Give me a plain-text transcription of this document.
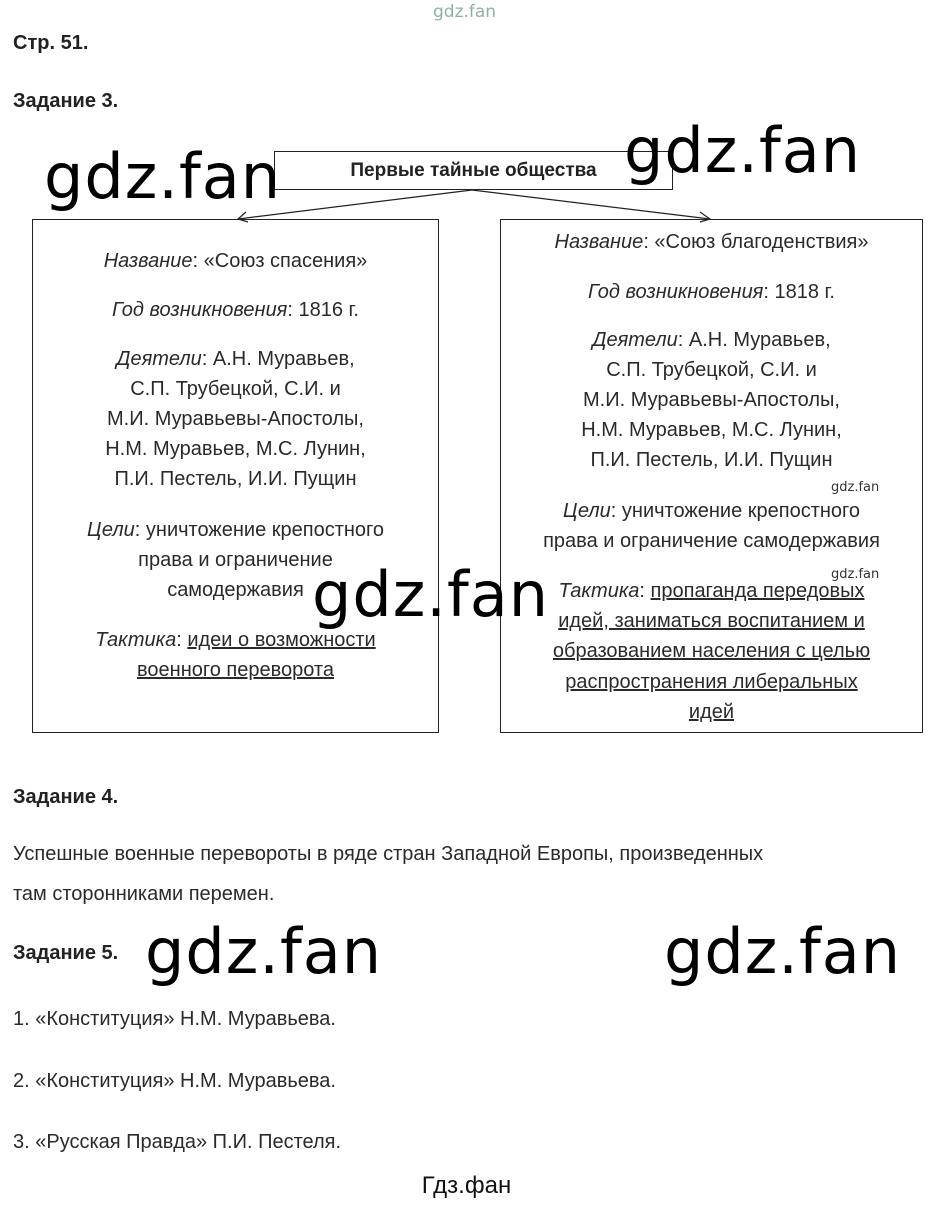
gdz.fan
Стр. 51.
Задание 3.
Первые тайные общества
Название: «Союз спасения»
Год возникновения: 1816 г.
Деятели: А.Н. Муравьев,
С.П. Трубецкой, С.И. и
М.И. Муравьевы-Апостолы,
Н.М. Муравьев, М.С. Лунин,
П.И. Пестель, И.И. Пущин
Цели: уничтожение крепостного
права и ограничение
самодержавия
Тактика: идеи о возможности
военного переворота
Название: «Союз благоденствия»
Год возникновения: 1818 г.
Деятели: А.Н. Муравьев,
С.П. Трубецкой, С.И. и
М.И. Муравьевы-Апостолы,
Н.М. Муравьев, М.С. Лунин,
П.И. Пестель, И.И. Пущин
Цели: уничтожение крепостного
права и ограничение самодержавия
Тактика: пропаганда передовых
идей, заниматься воспитанием и
образованием населения с целью
распространения либеральных
идей
Задание 4.
Успешные военные перевороты в ряде стран Западной Европы, произведенных
там сторонниками перемен.
Задание 5.
1. «Конституция» Н.М. Муравьева.
2. «Конституция» Н.М. Муравьева.
3. «Русская Правда» П.И. Пестеля.
Гдз.фан
gdz.fan	gdz.fan
gdz.fan
gdz.fan	gdz.fan
gdz.fan
gdz.fan
